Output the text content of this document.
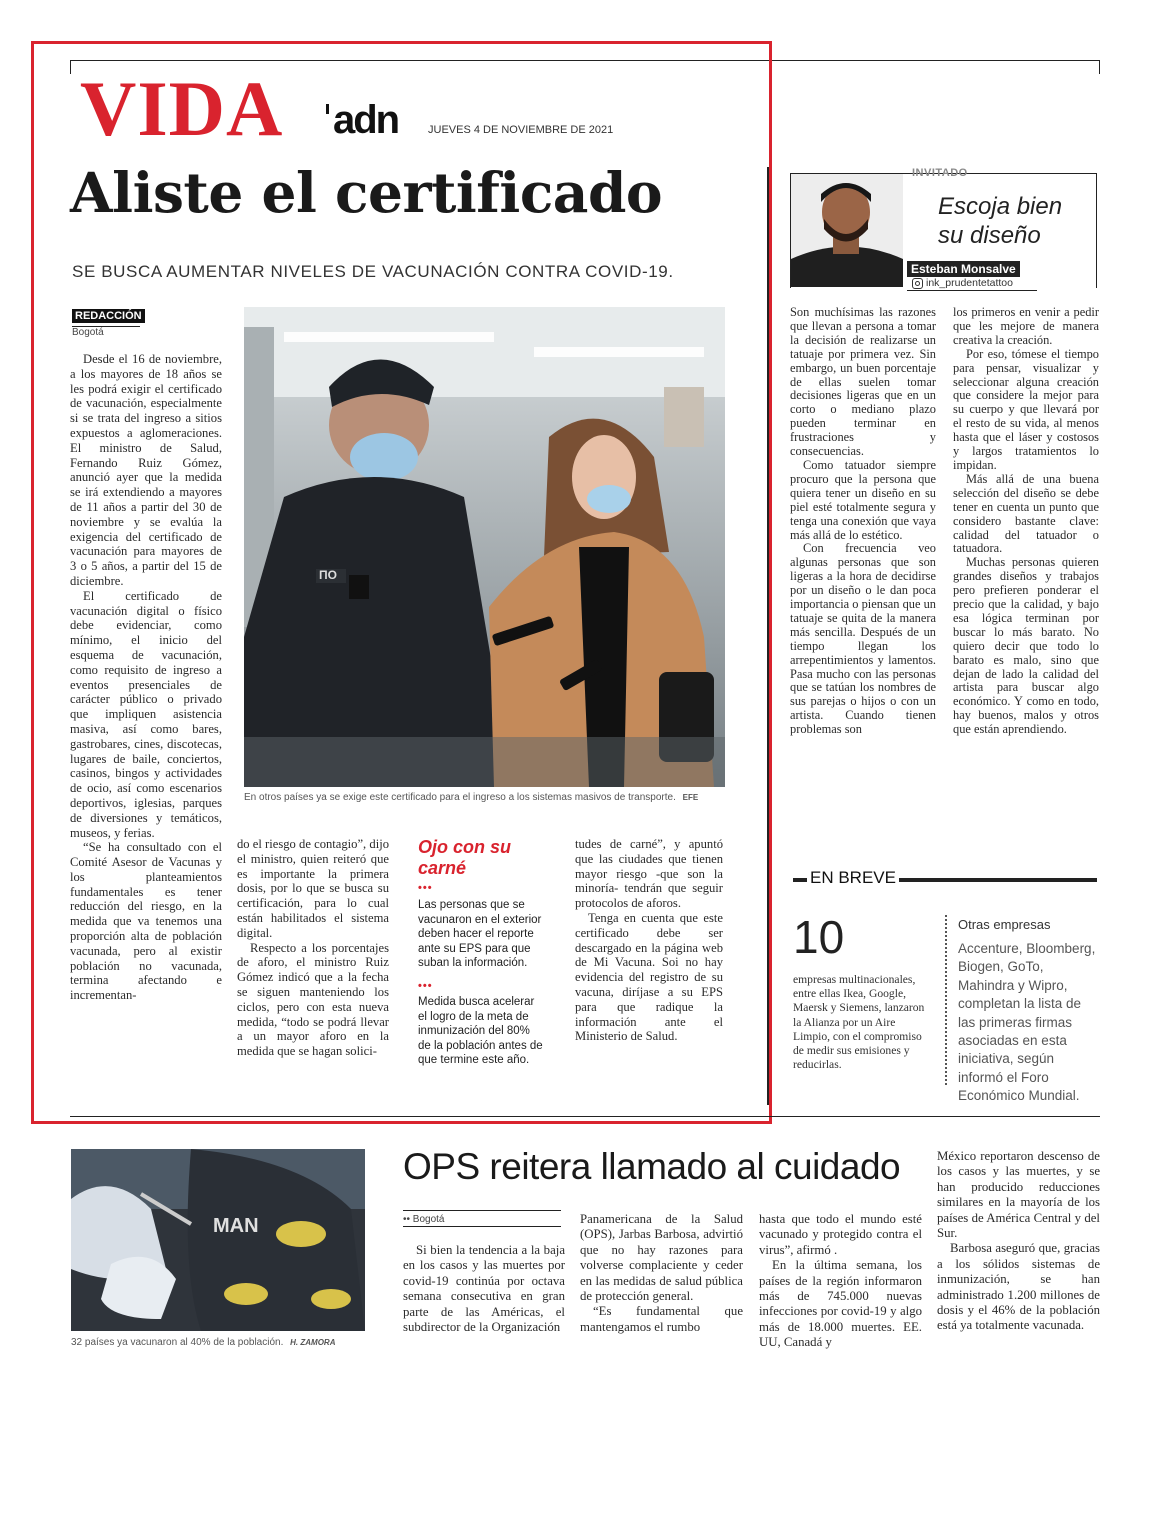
VIDA adn	JUEVES 4 DE NOVIEMBRE DE 2021
Aliste el certificado
SE BUSCA AUMENTAR NIVELES DE VACUNACIÓN CONTRA COVID-19.
REDACCIÓN
Bogotá

Desde el 16 de noviembre, a los mayores de 18 años se les podrá exigir el certificado de vacunación, especialmente si se trata del ingreso a sitios expuestos a aglomeraciones. El ministro de Salud, Fernando Ruiz Gómez, anunció ayer que la medida se irá extendiendo a mayores de 11 años a partir del 30 de noviembre y se evalúa la exigencia del certificado de vacunación para mayores de 3 o 5 años, a partir del 15 de diciembre.

El certificado de vacunación digital o físico debe evidenciar, como mínimo, el inicio del esquema de vacunación, como requisito de ingreso a eventos presenciales de carácter público o privado que impliquen asistencia masiva, así como bares, gastrobares, cines, discotecas, lugares de baile, conciertos, casinos, bingos y actividades de ocio, así como escenarios deportivos, iglesias, parques de diversiones y temáticos, museos, y ferias.

“Se ha consultado con el Comité Asesor de Vacunas y los planteamientos fundamentales es tener reducción del riesgo, en la medida que va tenemos una proporción alta de población vacunada, pero al existir población no vacunada, termina afectando e incrementan-

ПО
En otros países ya se exige este certificado para el ingreso a los sistemas masivos de transporte. EFE

do el riesgo de contagio”, dijo el ministro, quien reiteró que es importante la primera dosis, por lo que se busca su certificación, para lo cual están habilitados el sistema digital.

Respecto a los porcentajes de aforo, el ministro Ruiz Gómez indicó que a la fecha se siguen manteniendo los ciclos, pero con esta nueva medida, “todo se podrá llevar a un mayor aforo en la medida que se hagan solici-

Ojo con su carné
•••
Las personas que se vacunaron en el exterior deben hacer el reporte ante su EPS para que suban la información.
•••
Medida busca acelerar el logro de la meta de inmunización del 80% de la población antes de que termine este año.

tudes de carné”, y apuntó que las ciudades que tienen mayor riesgo -que son la minoría- tendrán que seguir protocolos de aforos.

Tenga en cuenta que este certificado debe ser descargado en la página web de Mi Vacuna. Soi no hay evidencia del registro de su vacuna, diríjase a su EPS para que radique la información ante el Ministerio de Salud.

INVITADO
Escoja bien su diseño
Esteban Monsalve
ink_prudentetattoo

Son muchísimas las razones que llevan a persona a tomar la decisión de realizarse un tatuaje por primera vez. Sin embargo, un buen porcentaje de ellas suelen tomar decisiones ligeras que en un corto o mediano plazo pueden terminar en frustraciones y consecuencias.

Como tatuador siempre procuro que la persona que quiera tener un diseño en su piel esté totalmente segura y tenga una conexión que vaya más allá de lo estético.

Con frecuencia veo algunas personas que son ligeras a la hora de decidirse por un diseño o le dan poca importancia o piensan que un tatuaje se quita de la manera más sencilla. Después de un tiempo llegan los arrepentimientos y lamentos. Pasa mucho con las personas que se tatúan los nombres de sus parejas o hijos o con un artista. Cuando tienen problemas son

los primeros en venir a pedir que les mejore de manera creativa la creación.

Por eso, tómese el tiempo para pensar, visualizar y seleccionar alguna creación que considere la mejor para su cuerpo y que llevará por el resto de su vida, al menos hasta que el láser y costosos y largos tratamientos lo impidan.

Más allá de una buena selección del diseño se debe tener en cuenta un punto que considero bastante clave: calidad del tatuador o tatuadora.

Muchas personas quieren grandes diseños y trabajos pero prefieren ponderar el precio que la calidad, y bajo esa lógica terminan por buscar lo más barato. No quiero decir que todo lo barato es malo, sino que dejan de lado la calidad del artista para buscar algo económico. Y como en todo, hay buenos, malos y otros que están aprendiendo.

EN BREVE
10
empresas multinacionales, entre ellas Ikea, Google, Maersk y Siemens, lanzaron la Alianza por un Aire Limpio, con el compromiso de medir sus emisiones y reducirlas.
Otras empresas
Accenture, Bloomberg, Biogen, GoTo, Mahindra y Wipro, completan la lista de las primeras firmas asociadas en esta iniciativa, según informó el Foro Económico Mundial.
MAN
32 países ya vacunaron al 40% de la población. H. ZAMORA
OPS reitera llamado al cuidado
•• Bogotá

Si bien la tendencia a la baja en los casos y las muertes por covid-19 continúa por octava semana consecutiva en gran parte de las Américas, el subdirector de la Organización

Panamericana de la Salud (OPS), Jarbas Barbosa, advirtió que no hay razones para volverse complaciente y ceder en las medidas de salud pública de protección general.

“Es fundamental que mantengamos el rumbo

hasta que todo el mundo esté vacunado y protegido contra el virus”, afirmó .

En la última semana, los países de la región informaron más de 745.000 nuevas infecciones por covid-19 y algo más de 18.000 muertes. EE. UU, Canadá y

México reportaron descenso de los casos y las muertes, y se han producido reducciones similares en la mayoría de los países de América Central y del Sur.

Barbosa aseguró que, gracias a los sólidos sistemas de inmunización, se han administrado 1.200 millones de dosis y el 46% de la población está ya totalmente vacunada.
